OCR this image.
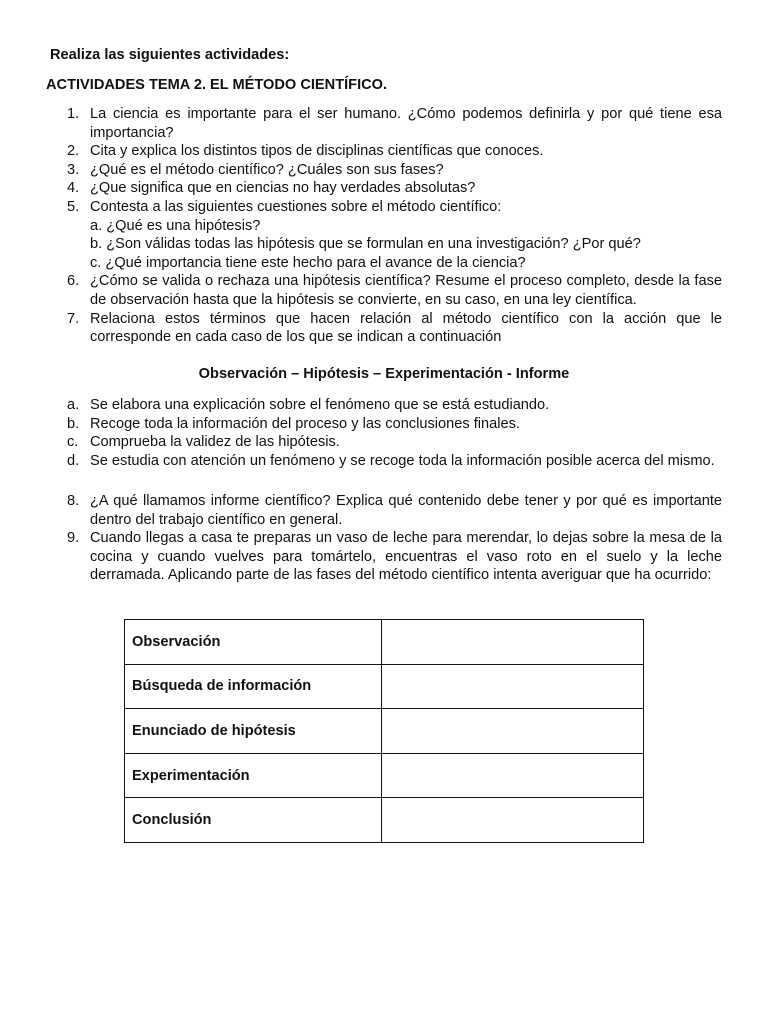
Realiza las siguientes actividades:

ACTIVIDADES TEMA 2. EL MÉTODO CIENTÍFICO.

1. La ciencia es importante para el ser humano. ¿Cómo podemos definirla y por qué tiene esa importancia?
2. Cita y explica los distintos tipos de disciplinas científicas que conoces.
3. ¿Qué es el método científico? ¿Cuáles son sus fases?
4. ¿Que significa que en ciencias no hay verdades absolutas?
5. Contesta a las siguientes cuestiones sobre el método científico:
a. ¿Qué es una hipótesis?
b. ¿Son válidas todas las hipótesis que se formulan en una investigación? ¿Por qué?
c. ¿Qué importancia tiene este hecho para el avance de la ciencia?
6. ¿Cómo se valida o rechaza una hipótesis científica? Resume el proceso completo, desde la fase de observación hasta que la hipótesis se convierte, en su caso, en una ley científica.
7. Relaciona estos términos que hacen relación al método científico con la acción que le corresponde en cada caso de los que se indican a continuación

Observación – Hipótesis – Experimentación - Informe

a. Se elabora una explicación sobre el fenómeno que se está estudiando.
b. Recoge toda la información del proceso y las conclusiones finales.
c. Comprueba la validez de las hipótesis.
d. Se estudia con atención un fenómeno y se recoge toda la información posible acerca del mismo.
8. ¿A qué llamamos informe científico? Explica qué contenido debe tener y por qué es importante dentro del trabajo científico en general.
9. Cuando llegas a casa te preparas un vaso de leche para merendar, lo dejas sobre la mesa de la cocina y cuando vuelves para tomártelo, encuentras el vaso roto en el suelo y la leche derramada. Aplicando parte de las fases del método científico intenta averiguar que ha ocurrido:
Observación	
Búsqueda de información	
Enunciado de hipótesis	
Experimentación	
Conclusión	
